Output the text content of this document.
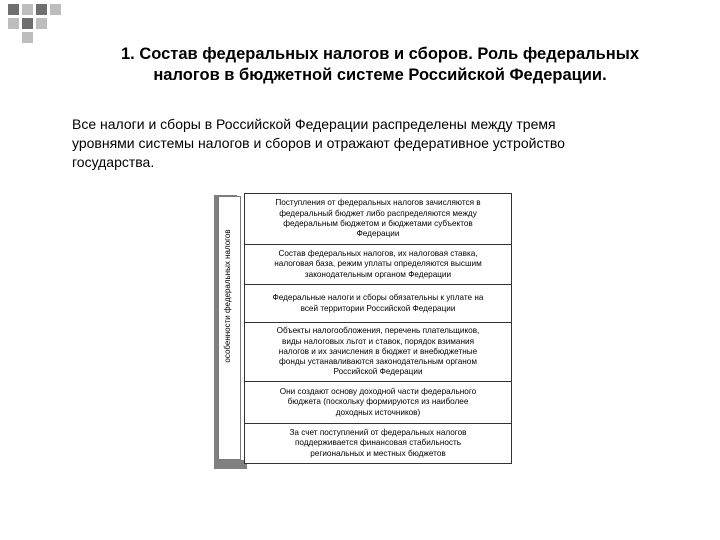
1. Состав федеральных налогов и сборов. Роль федеральных
налогов в бюджетной системе Российской Федерации.
Все налоги и сборы в Российской Федерации распределены между тремя
уровнями системы налогов и сборов и отражают федеративное устройство
государства.
особенности федеральных налогов
Поступления от федеральных налогов зачисляются в
федеральный бюджет либо распределяются между
федеральным бюджетом и бюджетами субъектов
Федерации
Состав федеральных налогов, их налоговая ставка,
налоговая база, режим уплаты определяются высшим
законодательным органом Федерации
Федеральные налоги и сборы обязательны к уплате на
всей территории Российской Федерации
Объекты налогообложения, перечень плательщиков,
виды налоговых льгот и ставок, порядок взимания
налогов и их зачисления в бюджет и внебюджетные
фонды устанавливаются законодательным органом
Российской Федерации
Они создают основу доходной части федерального
бюджета (поскольку формируются из наиболее
доходных источников)
За счет поступлений от федеральных налогов
поддерживается финансовая стабильность
региональных и местных бюджетов
